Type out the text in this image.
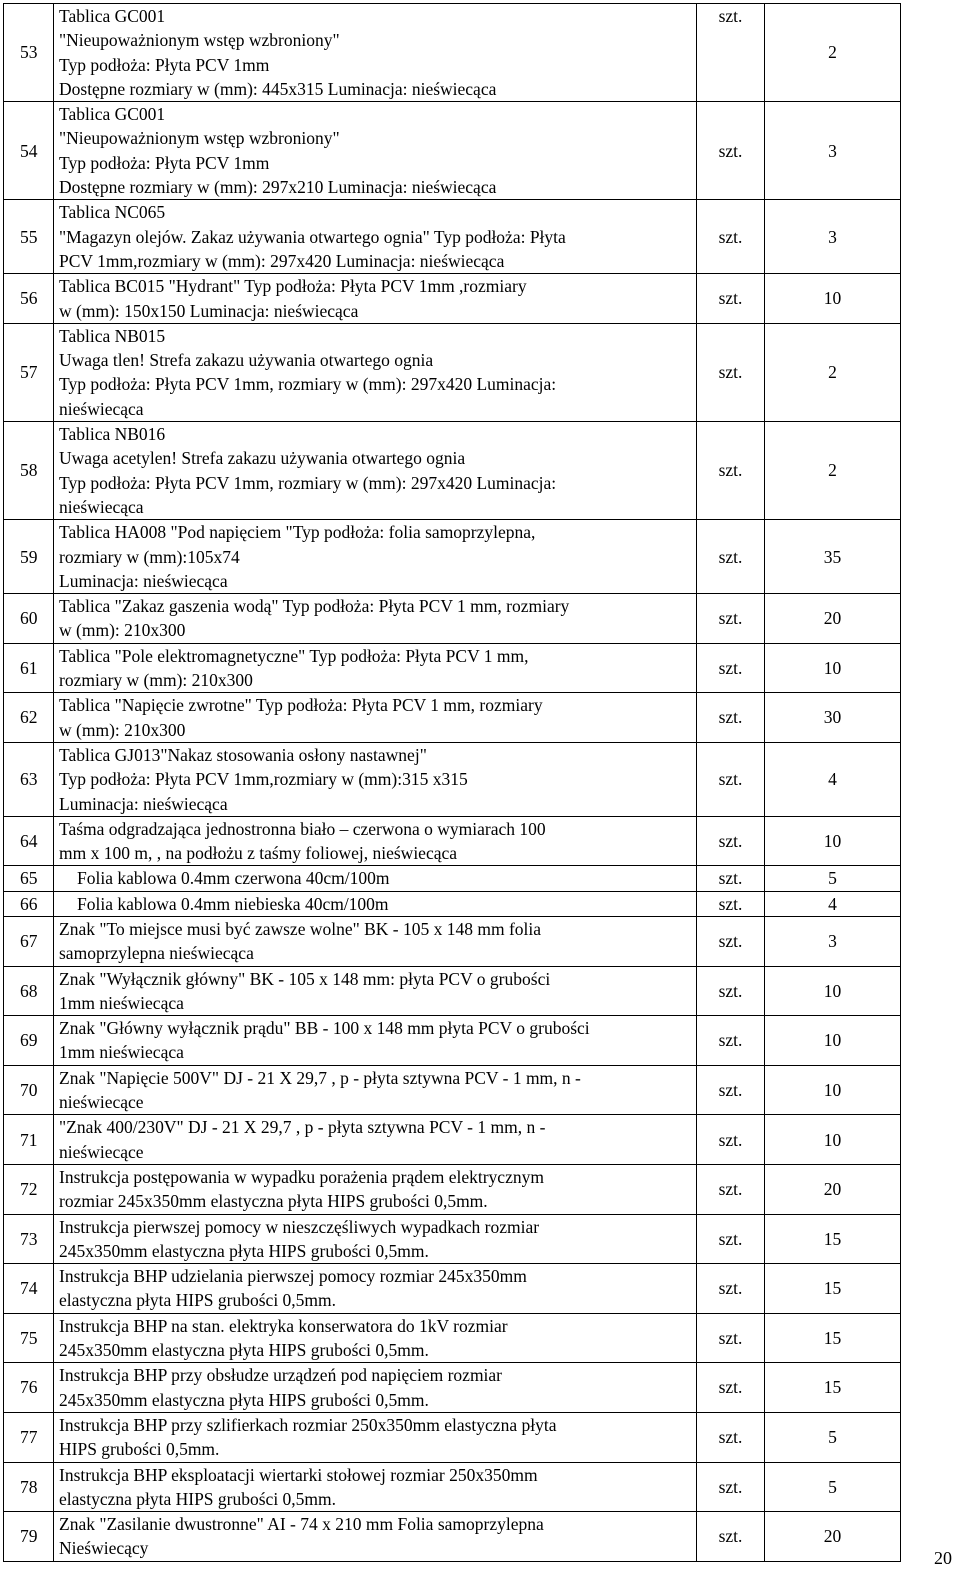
53	Tablica GC001
"Nieupoważnionym wstęp wzbroniony"
Typ podłoża: Płyta PCV 1mm
Dostępne rozmiary w (mm): 445x315 Luminacja: nieświecąca	szt.	2
54	Tablica GC001
"Nieupoważnionym wstęp wzbroniony"
Typ podłoża: Płyta PCV 1mm
Dostępne rozmiary w (mm): 297x210 Luminacja: nieświecąca	szt.	3
55	Tablica NC065
"Magazyn olejów. Zakaz używania otwartego ognia" Typ podłoża: Płyta
PCV 1mm,rozmiary w (mm): 297x420 Luminacja: nieświecąca	szt.	3
56	Tablica BC015 "Hydrant" Typ podłoża: Płyta PCV 1mm ,rozmiary
w (mm): 150x150 Luminacja: nieświecąca	szt.	10
57	Tablica NB015
Uwaga tlen! Strefa zakazu używania otwartego ognia
Typ podłoża: Płyta PCV 1mm, rozmiary w (mm): 297x420 Luminacja:
nieświecąca	szt.	2
58	Tablica NB016
Uwaga acetylen! Strefa zakazu używania otwartego ognia
Typ podłoża: Płyta PCV 1mm, rozmiary w (mm): 297x420 Luminacja:
nieświecąca	szt.	2
59	Tablica HA008 "Pod napięciem "Typ podłoża: folia samoprzylepna,
rozmiary w (mm):105x74
Luminacja: nieświecąca	szt.	35
60	Tablica "Zakaz gaszenia wodą" Typ podłoża: Płyta PCV 1 mm, rozmiary
w (mm): 210x300	szt.	20
61	Tablica "Pole elektromagnetyczne" Typ podłoża: Płyta PCV 1 mm,
rozmiary w (mm): 210x300	szt.	10
62	Tablica "Napięcie zwrotne" Typ podłoża: Płyta PCV 1 mm, rozmiary
w (mm): 210x300	szt.	30
63	Tablica GJ013"Nakaz stosowania osłony nastawnej"
Typ podłoża: Płyta PCV 1mm,rozmiary w (mm):315 x315
Luminacja: nieświecąca	szt.	4
64	Taśma odgradzająca jednostronna biało – czerwona o wymiarach 100
mm x 100 m, , na podłożu z taśmy foliowej, nieświecąca	szt.	10
65	Folia kablowa 0.4mm czerwona 40cm/100m	szt.	5
66	Folia kablowa 0.4mm niebieska 40cm/100m	szt.	4
67	Znak "To miejsce musi być zawsze wolne" BK - 105 x 148 mm folia
samoprzylepna nieświecąca	szt.	3
68	Znak "Wyłącznik główny" BK - 105 x 148 mm: płyta PCV o grubości
1mm nieświecąca	szt.	10
69	Znak "Główny wyłącznik prądu" BB - 100 x 148 mm płyta PCV o grubości
1mm nieświecąca	szt.	10
70	Znak "Napięcie 500V" DJ - 21 X 29,7 , p - płyta sztywna PCV - 1 mm, n -
nieświecące	szt.	10
71	"Znak 400/230V" DJ - 21 X 29,7 , p - płyta sztywna PCV - 1 mm, n -
nieświecące	szt.	10
72	Instrukcja postępowania w wypadku porażenia prądem elektrycznym
rozmiar 245x350mm elastyczna płyta HIPS grubości 0,5mm.	szt.	20
73	Instrukcja pierwszej pomocy w nieszczęśliwych wypadkach rozmiar
245x350mm elastyczna płyta HIPS grubości 0,5mm.	szt.	15
74	Instrukcja BHP udzielania pierwszej pomocy rozmiar 245x350mm
elastyczna płyta HIPS grubości 0,5mm.	szt.	15
75	Instrukcja BHP na stan. elektryka konserwatora do 1kV rozmiar
245x350mm elastyczna płyta HIPS grubości 0,5mm.	szt.	15
76	Instrukcja BHP przy obsłudze urządzeń pod napięciem rozmiar
245x350mm elastyczna płyta HIPS grubości 0,5mm.	szt.	15
77	Instrukcja BHP przy szlifierkach rozmiar 250x350mm elastyczna płyta
HIPS grubości 0,5mm.	szt.	5
78	Instrukcja BHP eksploatacji wiertarki stołowej rozmiar 250x350mm
elastyczna płyta HIPS grubości 0,5mm.	szt.	5
79	Znak "Zasilanie dwustronne" AI - 74 x 210 mm Folia samoprzylepna
Nieświecący	szt.	20
20
